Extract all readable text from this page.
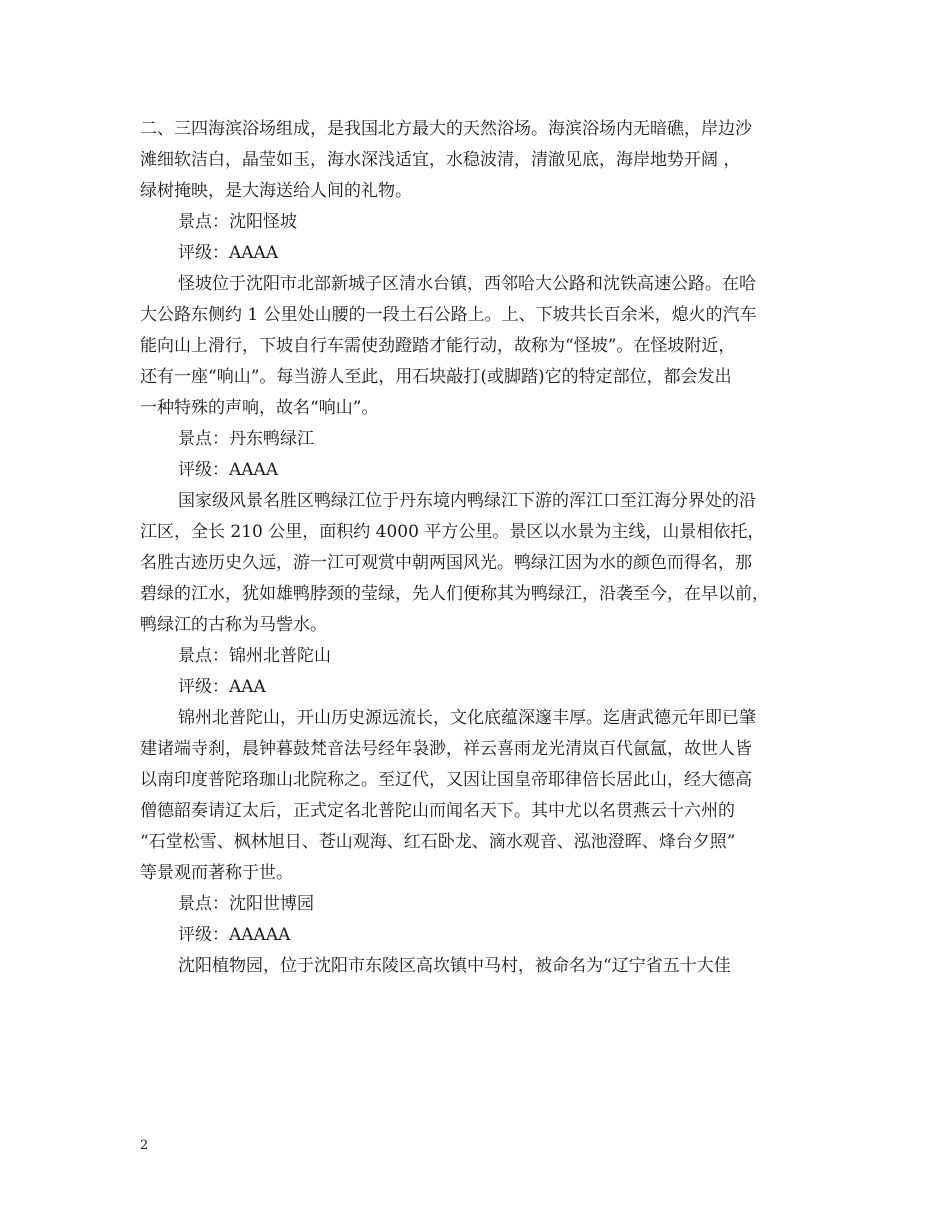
二、三四海滨浴场组成，是我国北方最大的天然浴场。海滨浴场内无暗礁，岸边沙
滩细软洁白，晶莹如玉，海水深浅适宜，水稳波清，清澈见底，海岸地势开阔 ，
绿树掩映，是大海送给人间的礼物。
景点：沈阳怪坡
评级：AAAA
怪坡位于沈阳市北部新城子区清水台镇，西邻哈大公路和沈铁高速公路。在哈
大公路东侧约 1 公里处山腰的一段土石公路上。上、下坡共长百余米，熄火的汽车
能向山上滑行，下坡自行车需使劲蹬踏才能行动，故称为“怪坡”。在怪坡附近，
还有一座“响山”。每当游人至此，用石块敲打(或脚踏)它的特定部位，都会发出
一种特殊的声响，故名“响山”。
景点：丹东鸭绿江
评级：AAAA
国家级风景名胜区鸭绿江位于丹东境内鸭绿江下游的浑江口至江海分界处的沿
江区，全长 210 公里，面积约 4000 平方公里。景区以水景为主线，山景相依托，
名胜古迹历史久远，游一江可观赏中朝两国风光。鸭绿江因为水的颜色而得名，那
碧绿的江水，犹如雄鸭脖颈的莹绿，先人们便称其为鸭绿江，沿袭至今，在早以前，
鸭绿江的古称为马訾水。
景点：锦州北普陀山
评级：AAA
锦州北普陀山，开山历史源远流长，文化底蕴深邃丰厚。迄唐武德元年即已肇
建诸端寺刹，晨钟暮鼓梵音法号经年袅渺，祥云喜雨龙光清岚百代氤氲，故世人皆
以南印度普陀珞珈山北院称之。至辽代，又因让国皇帝耶律倍长居此山，经大德高
僧德韶奏请辽太后，正式定名北普陀山而闻名天下。其中尤以名贯燕云十六州的
“石堂松雪、枫林旭日、苍山观海、红石卧龙、滴水观音、泓池澄晖、烽台夕照”
等景观而著称于世。
景点：沈阳世博园
评级：AAAAA
沈阳植物园，位于沈阳市东陵区高坎镇中马村，被命名为“辽宁省五十大佳
2
